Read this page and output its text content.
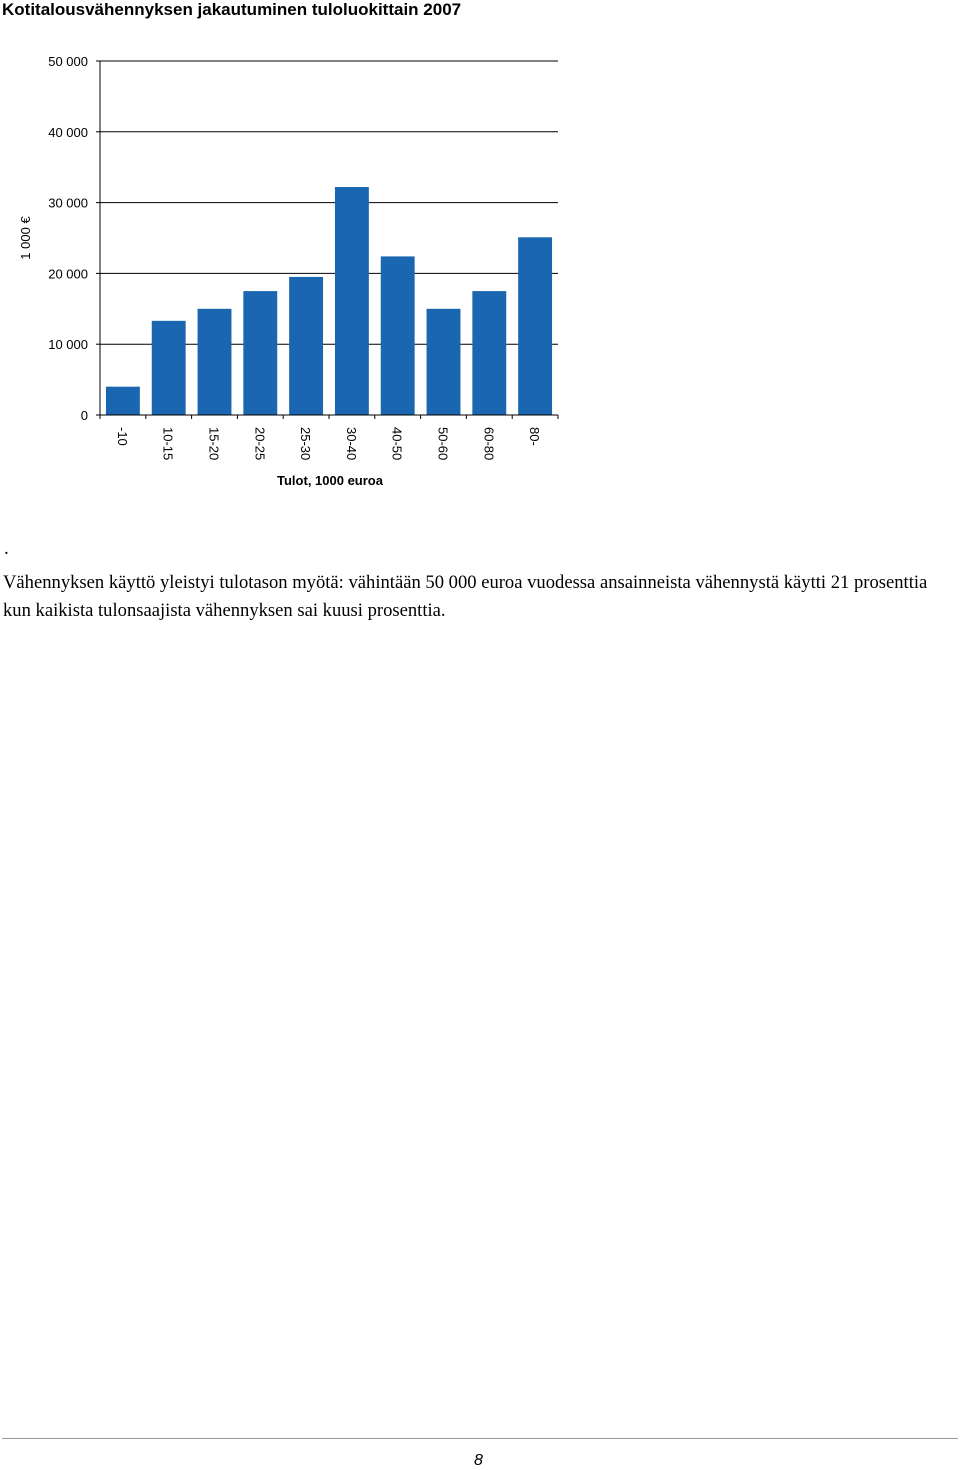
Kotitalousvähennyksen jakautuminen tuloluokittain 2007
0
10 000
20 000
30 000
40 000
50 000
-10 10-15 15-20 20-25 25-30 30-40 40-50 50-60 60-80 80-
1 000 €
Tulot, 1000 euroa
.
Vähennyksen käyttö yleistyi tulotason myötä: vähintään 50 000 euroa vuodessa ansainneista vähennystä käytti 21 prosenttia kun kaikista tulonsaajista vähennyksen sai kuusi prosenttia.
8
